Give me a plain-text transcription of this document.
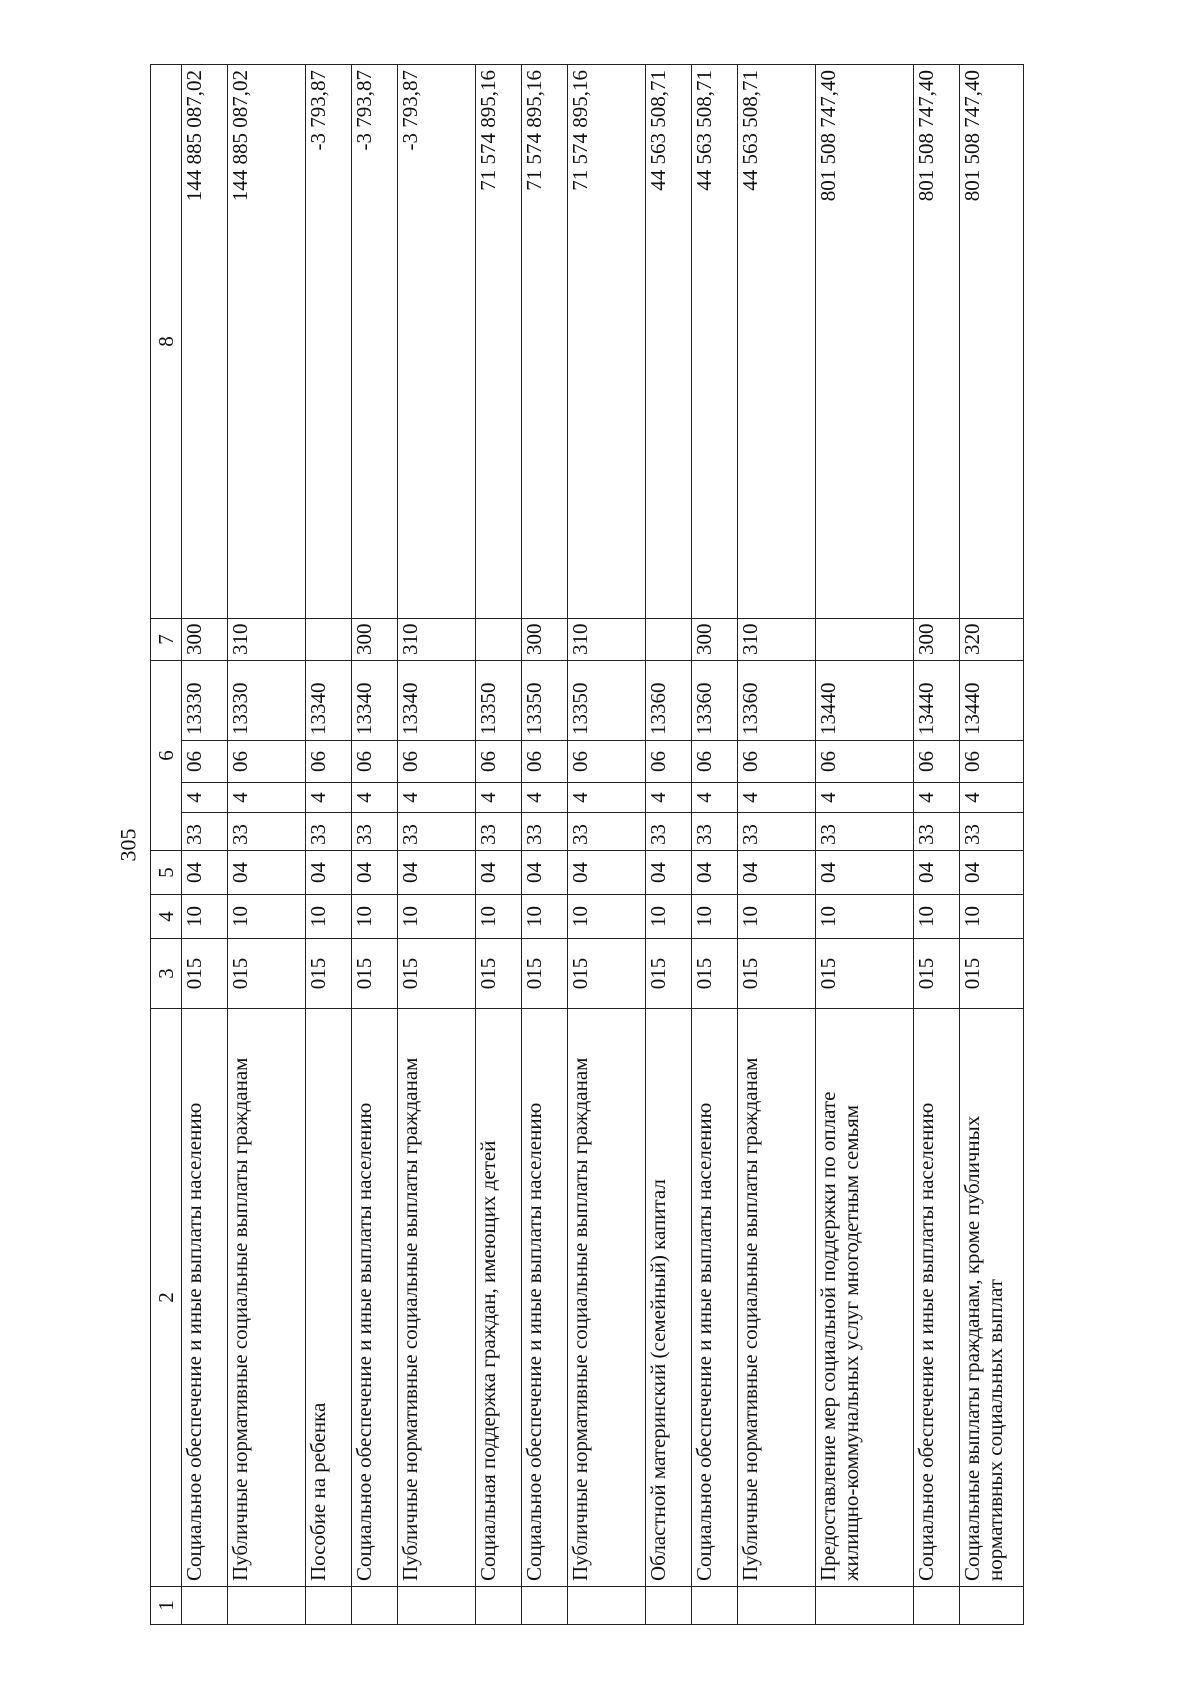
305
1	2	3	4	5	6				7	8
	Социальное обеспечение и иные выплаты населению	015	10	04	33	4	06	13330	300	144 885 087,02
	Публичные нормативные социальные выплаты гражданам	015	10	04	33	4	06	13330	310	144 885 087,02
	Пособие на ребенка	015	10	04	33	4	06	13340		-3 793,87
	Социальное обеспечение и иные выплаты населению	015	10	04	33	4	06	13340	300	-3 793,87
	Публичные нормативные социальные выплаты гражданам	015	10	04	33	4	06	13340	310	-3 793,87
	Социальная поддержка граждан, имеющих детей	015	10	04	33	4	06	13350		71 574 895,16
	Социальное обеспечение и иные выплаты населению	015	10	04	33	4	06	13350	300	71 574 895,16
	Публичные нормативные социальные выплаты гражданам	015	10	04	33	4	06	13350	310	71 574 895,16
	Областной материнский (семейный) капитал	015	10	04	33	4	06	13360		44 563 508,71
	Социальное обеспечение и иные выплаты населению	015	10	04	33	4	06	13360	300	44 563 508,71
	Публичные нормативные социальные выплаты гражданам	015	10	04	33	4	06	13360	310	44 563 508,71
	Предоставление мер социальной поддержки по оплате жилищно-коммунальных услуг многодетным семьям	015	10	04	33	4	06	13440		801 508 747,40
	Социальное обеспечение и иные выплаты населению	015	10	04	33	4	06	13440	300	801 508 747,40
	Социальные выплаты гражданам, кроме публичных нормативных социальных выплат	015	10	04	33	4	06	13440	320	801 508 747,40
